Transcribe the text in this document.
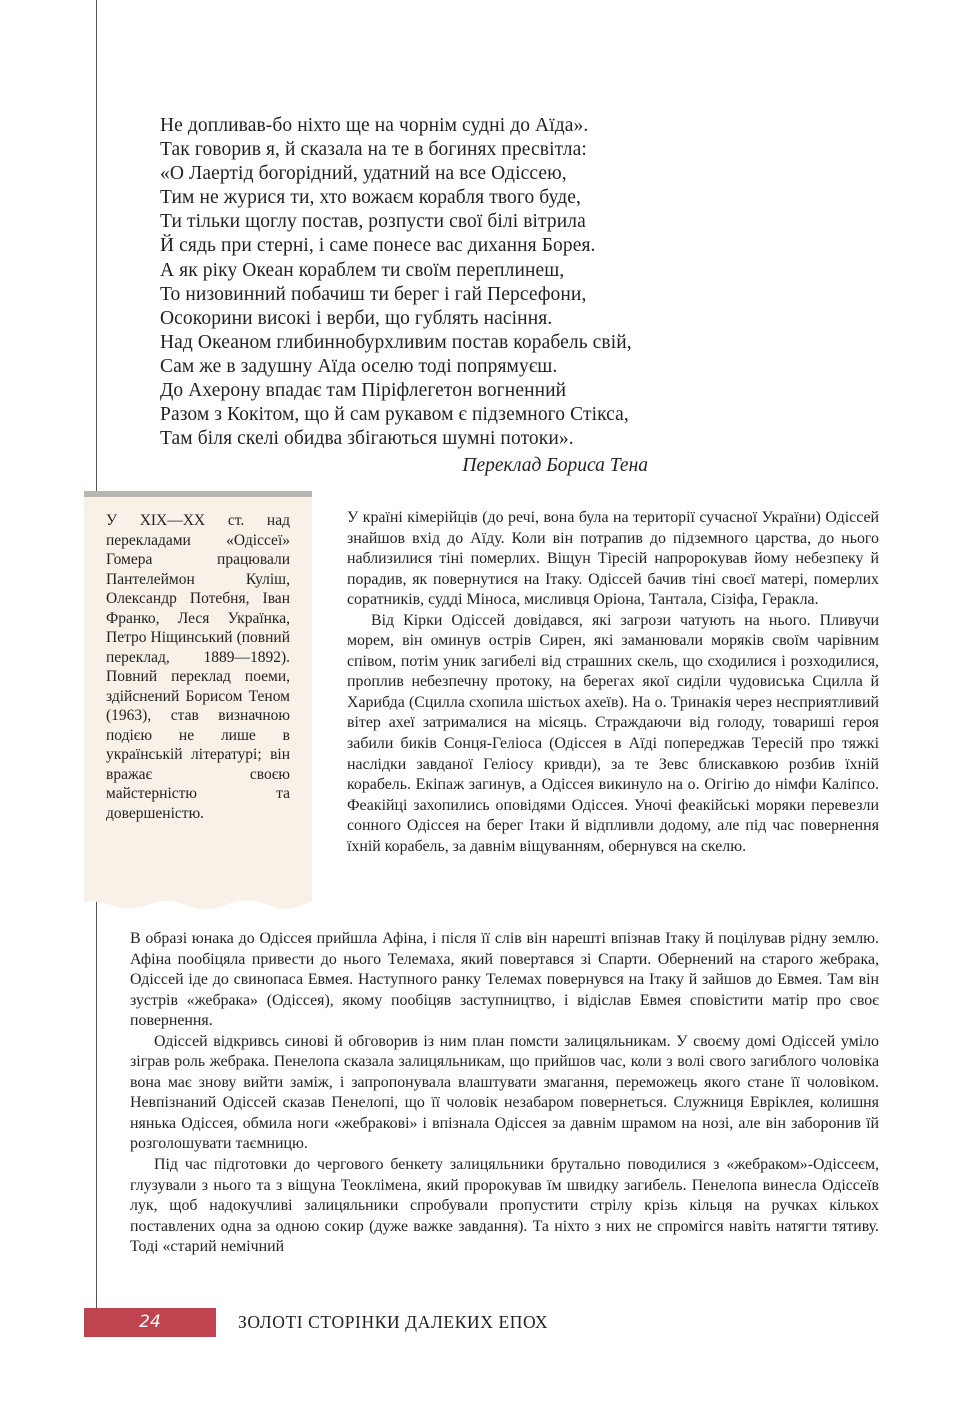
Не допливав-бо ніхто ще на чорнім судні до Аїда».
Так говорив я, й сказала на те в богинях пресвітла:
«О Лаертід богорідний, удатний на все Одіссею,
Тим не журися ти, хто вожаєм корабля твого буде,
Ти тільки щоглу постав, розпусти свої білі вітрила
Й сядь при стерні, і саме понесе вас дихання Борея.
А як ріку Океан кораблем ти своїм переплинеш,
То низовинний побачиш ти берег і гай Персефони,
Осокорини високі і верби, що гублять насіння.
Над Океаном глибиннобурхливим постав корабель свій,
Сам же в задушну Аїда оселю тоді попрямуєш.
До Ахерону впадає там Піріфлегетон вогненний
Разом з Кокітом, що й сам рукавом є підземного Стікса,
Там біля скелі обидва збігаються шумні потоки».
Переклад Бориса Тена
У ХІХ—ХХ ст. над перекладами «Одіссеї» Гомера працювали Пантелеймон Куліш, Олександр Потебня, Іван Франко, Леся Українка, Петро Ніщинський (повний переклад, 1889—1892). Повний переклад поеми, здійснений Борисом Теном (1963), став визначною подією не лише в українській літературі; він вражає своєю майстерністю та довершеністю.

У країні кімерійців (до речі, вона була на території сучасної України) Одіссей знайшов вхід до Аїду. Коли він потрапив до підземного царства, до нього наблизилися тіні померлих. Віщун Тіресій напророкував йому небезпеку й порадив, як повернутися на Ітаку. Одіссей бачив тіні своєї матері, померлих соратників, судді Міноса, мисливця Оріона, Тантала, Сізіфа, Геракла.

Від Кірки Одіссей довідався, які загрози чатують на нього. Пливучи морем, він оминув острів Сирен, які заманювали моряків своїм чарівним співом, потім уник загибелі від страшних скель, що сходилися і розходилися, проплив небезпечну протоку, на берегах якої сиділи чудовиська Сцилла й Харибда (Сцилла схопила шістьох ахеїв). На о. Тринакія через несприятливий вітер ахеї затрималися на місяць. Страждаючи від голоду, товариші героя забили биків Сонця-Геліоса (Одіссея в Аїді попереджав Тересій про тяжкі наслідки завданої Геліосу кривди), за те Зевс блискавкою розбив їхній корабель. Екіпаж загинув, а Одіссея викинуло на о. Огігію до німфи Каліпсо. Феакійці захопились оповідями Одіссея. Уночі феакійські моряки перевезли сонного Одіссея на берег Ітаки й відпливли додому, але під час повернення їхній корабель, за давнім віщуванням, обернувся на скелю.

В образі юнака до Одіссея прийшла Афіна, і після її слів він нарешті впізнав Ітаку й поцілував рідну землю. Афіна пообіцяла привести до нього Телемаха, який повертався зі Спарти. Обернений на старого жебрака, Одіссей іде до свинопаса Евмея. Наступного ранку Телемах повернувся на Ітаку й зайшов до Евмея. Там він зустрів «жебрака» (Одіссея), якому пообіцяв заступництво, і відіслав Евмея сповістити матір про своє повернення.

Одіссей відкривсь синові й обговорив із ним план помсти залицяльникам. У своєму домі Одіссей уміло зіграв роль жебрака. Пенелопа сказала залицяльникам, що прийшов час, коли з волі свого загиблого чоловіка вона має знову вийти заміж, і запропонувала влаштувати змагання, переможець якого стане її чоловіком. Невпізнаний Одіссей сказав Пенелопі, що її чоловік незабаром повернеться. Служниця Евріклея, колишня нянька Одіссея, обмила ноги «жебракові» і впізнала Одіссея за давнім шрамом на нозі, але він заборонив їй розголошувати таємницю.

Під час підготовки до чергового бенкету залицяльники брутально поводилися з «жебраком»-Одіссеєм, глузували з нього та з віщуна Теоклімена, який пророкував їм швидку загибель. Пенелопа винесла Одіссеїв лук, щоб надокучливі залицяльники спробували пропустити стрілу крізь кільця на ручках кількох поставлених одна за одною сокир (дуже важке завдання). Та ніхто з них не спромігся навіть натягти тятиву. Тоді «старий немічний

24	ЗОЛОТІ СТОРІНКИ ДАЛЕКИХ ЕПОХ
